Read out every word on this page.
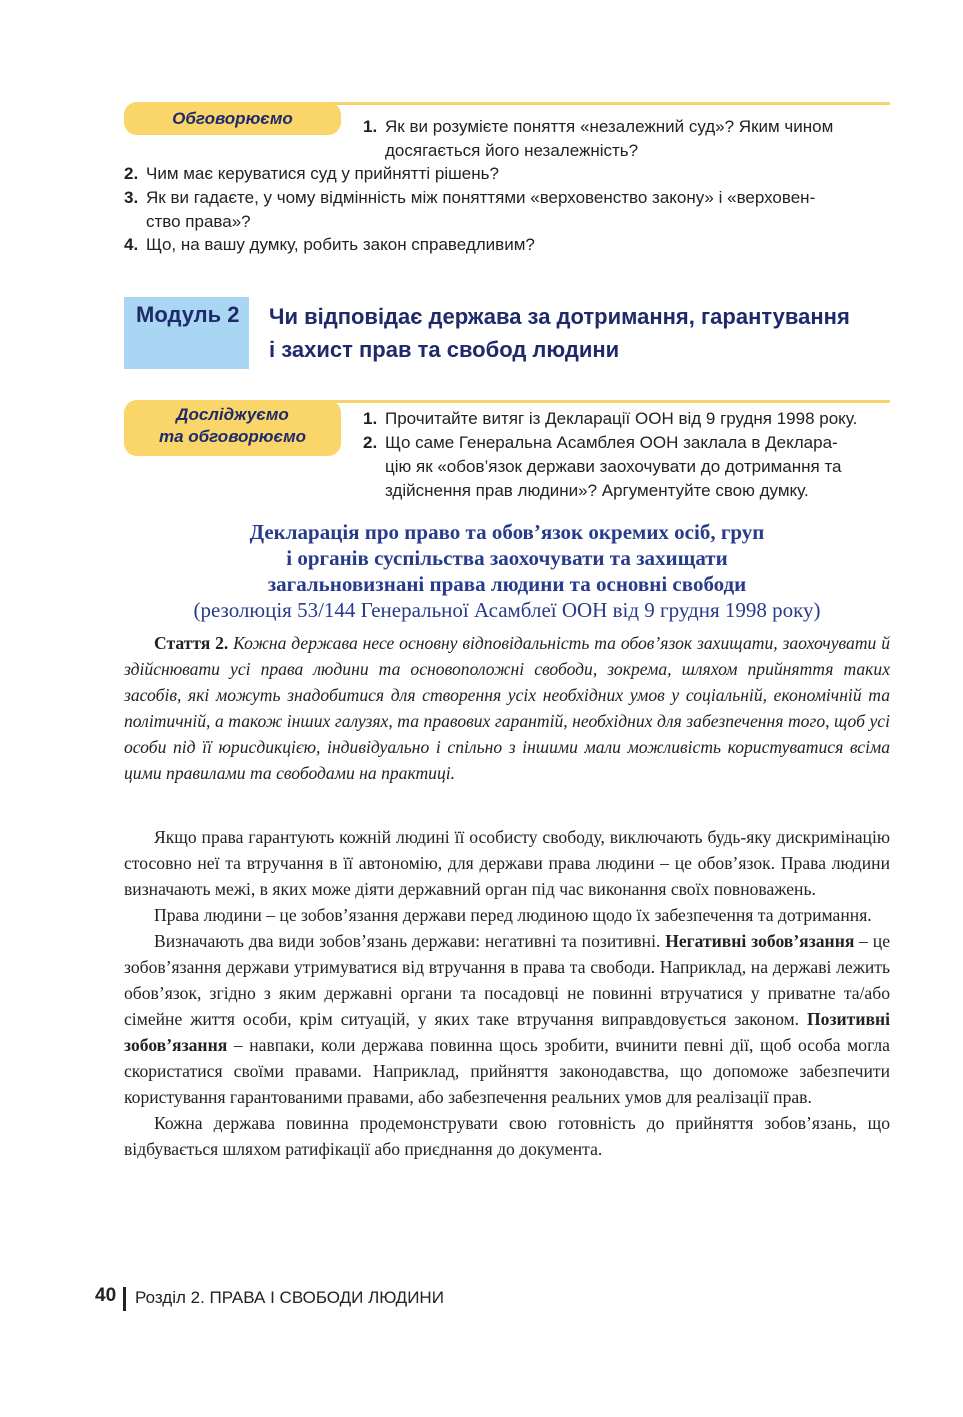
Обговорюємо	1. Як ви розумієте поняття «незалежний суд»? Яким чином
досягається його незалежність?
2. Чим має керуватися суд у прийнятті рішень?
3. Як ви гадаєте, у чому відмінність між поняттями «верховенство закону» і «верховен-
ство права»?
4. Що, на вашу думку, робить закон справедливим?
Модуль 2 Чи відповідає держава за дотримання, гарантування
і захист прав та свобод людини
Досліджуємо
та обговорюємо
1. Прочитайте витяг із Декларації ООН від 9 грудня 1998 року.
2. Що саме Генеральна Асамблея ООН заклала в Деклара-
цію як «обов’язок держави заохочувати до дотримання та
здійснення прав людини»? Аргументуйте свою думку.
Декларація про право та обов’язок окремих осіб, груп
і органів суспільства заохочувати та захищати
загальновизнані права людини та основні свободи
(резолюція 53/144 Генеральної Асамблеї ООН від 9 грудня 1998 року)

Стаття 2. Кожна держава несе основну відповідальність та обов’язок захищати, заохочувати й здійснювати усі права людини та основоположні свободи, зокрема, шляхом прийняття таких засобів, які можуть знадобитися для створення усіх необхідних умов у соціальній, економічній та політичній, а також інших галузях, та правових гарантій, необхідних для забезпечення того, щоб усі особи під її юрисдикцією, індивідуально і спільно з іншими мали можливість користуватися всіма цими правилами та свободами на практиці.

Якщо права гарантують кожній людині її особисту свободу, виключають будь-яку дискримінацію стосовно неї та втручання в її автономію, для держави права людини – це обов’язок. Права людини визначають межі, в яких може діяти державний орган під час виконання своїх повноважень.

Права людини – це зобов’язання держави перед людиною щодо їх забезпечення та дотримання.

Визначають два види зобов’язань держави: негативні та позитивні. Негативні зобов’язання – це зобов’язання держави утримуватися від втручання в права та свободи. Наприклад, на державі лежить обов’язок, згідно з яким державні органи та посадовці не повинні втручатися у приватне та/або сімейне життя особи, крім ситуацій, у яких таке втручання виправдовується законом. Позитивні зобов’язання – навпаки, коли держава повинна щось зробити, вчинити певні дії, щоб особа могла скористатися своїми правами. Наприклад, прийняття законодавства, що допоможе забезпечити користування гарантованими правами, або забезпечення реальних умов для реалізації прав.

Кожна держава повинна продемонструвати свою готовність до прийняття зобов’язань, що відбувається шляхом ратифікації або приєднання до документа.

40 Розділ 2. ПРАВА І СВОБОДИ ЛЮДИНИ
